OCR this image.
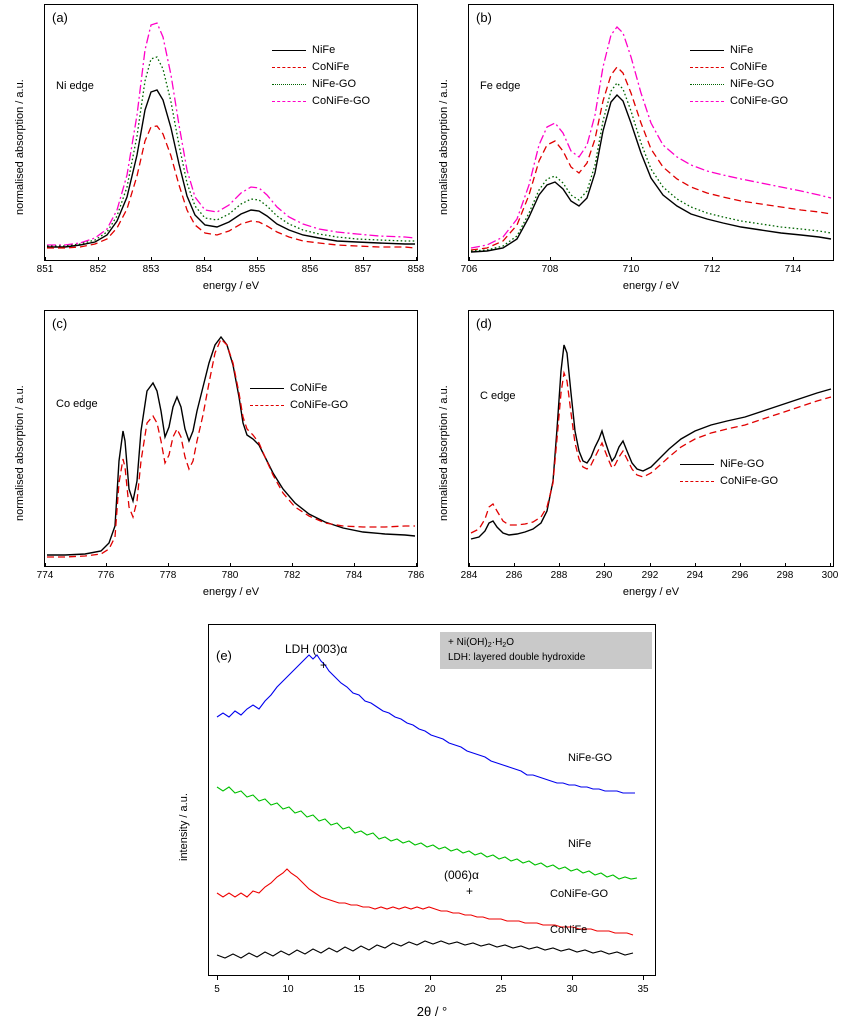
(a)
Ni edge
normalised absorption / a.u.
energy / eV
851	852	853	854	855	856	857	858
NiFe
CoNiFe
NiFe-GO
CoNiFe-GO
(b)
Fe edge
normalised absorption / a.u.
energy / eV
706	708	710	712	714
NiFe
CoNiFe
NiFe-GO
CoNiFe-GO
(c)
Co edge
normalised absorption / a.u.
energy / eV
774	776	778	780	782	784	786
CoNiFe
CoNiFe-GO
(d)
C edge
normalised absorption / a.u.
energy / eV
284	286	288	290	292	294	296	298	300
NiFe-GO
CoNiFe-GO
(e)	LDH (003)α
+
(006)α
+
NiFe-GO
NiFe
CoNiFe-GO
CoNiFe
+ $Ni(OH)_2\cdot H_2O$
LDH: layered double hydroxide
intensity / a.u.
2θ / °
5	10	15	20	25	30	35
